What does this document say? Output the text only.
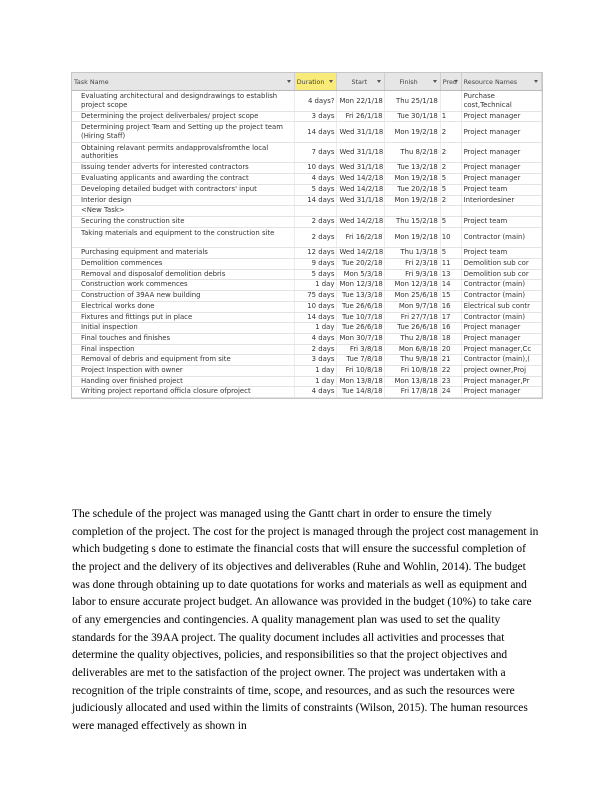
Task Name	Duration	Start	Finish	Pred	Resource Names

Evaluating architectural and designdrawings to establish project scope	4 days?	Mon 22/1/18	Thu 25/1/18		Purchase cost,Technical
Determining the project deliverbales/ project scope	3 days	Fri 26/1/18	Tue 30/1/18	1	Project manager
Determining project Team and Setting up the project team (Hiring Staff)	14 days	Wed 31/1/18	Mon 19/2/18	2	Project manager
Obtaining relavant permits andapprovalsfromthe local authorities	7 days	Wed 31/1/18	Thu 8/2/18	2	Project manager
Issuing tender adverts for interested contractors	10 days	Wed 31/1/18	Tue 13/2/18	2	Project manager
Evaluating applicants and awarding the contract	4 days	Wed 14/2/18	Mon 19/2/18	5	Project manager
Developing detailed budget with contractors' input	5 days	Wed 14/2/18	Tue 20/2/18	5	Project team
Interior design	14 days	Wed 31/1/18	Mon 19/2/18	2	Interiordesiner
<New Task>					
Securing the construction site	2 days	Wed 14/2/18	Thu 15/2/18	5	Project team
Taking materials and equipment to the construction site	2 days	Fri 16/2/18	Mon 19/2/18	10	Contractor (main)
Purchasing equipment and materials	12 days	Wed 14/2/18	Thu 1/3/18	5	Project team
Demolition commences	9 days	Tue 20/2/18	Fri 2/3/18	11	Demolition sub cor
Removal and disposalof demolition debris	5 days	Mon 5/3/18	Fri 9/3/18	13	Demolition sub cor
Construction work commences	1 day	Mon 12/3/18	Mon 12/3/18	14	Contractor (main)
Construction of 39AA new building	75 days	Tue 13/3/18	Mon 25/6/18	15	Contractor (main)
Electrical works done	10 days	Tue 26/6/18	Mon 9/7/18	16	Electrical sub contr
Fixtures and fittings put in place	14 days	Tue 10/7/18	Fri 27/7/18	17	Contractor (main)
Initial inspection	1 day	Tue 26/6/18	Tue 26/6/18	16	Project manager
Final touches and finishes	4 days	Mon 30/7/18	Thu 2/8/18	18	Project manager
Final inspection	2 days	Fri 3/8/18	Mon 6/8/18	20	Project manager,Cc
Removal of debris and equipment from site	3 days	Tue 7/8/18	Thu 9/8/18	21	Contractor (main),(
Project Inspection with owner	1 day	Fri 10/8/18	Fri 10/8/18	22	project owner,Proj
Handing over finished project	1 day	Mon 13/8/18	Mon 13/8/18	23	Project manager,Pr
Writing project reportand officla closure ofproject	4 days	Tue 14/8/18	Fri 17/8/18	24	Project manager

The schedule of the project was managed using the Gantt chart in order to ensure the timely completion of the project. The cost for the project is managed through the project cost management in which budgeting s done to estimate the financial costs that will ensure the successful completion of the project and the delivery of its objectives and deliverables (Ruhe and Wohlin, 2014). The budget was done through obtaining up to date quotations for works and materials as well as equipment and labor to ensure accurate project budget. An allowance was provided in the budget (10%) to take care of any emergencies and contingencies. A quality management plan was used to set the quality standards for the 39AA project. The quality document includes all activities and processes that determine the quality objectives, policies, and responsibilities so that the project objectives and deliverables are met to the satisfaction of the project owner. The project was undertaken with a recognition of the triple constraints of time, scope, and resources, and as such the resources were judiciously allocated and used within the limits of constraints (Wilson, 2015). The human resources were managed effectively as shown in
